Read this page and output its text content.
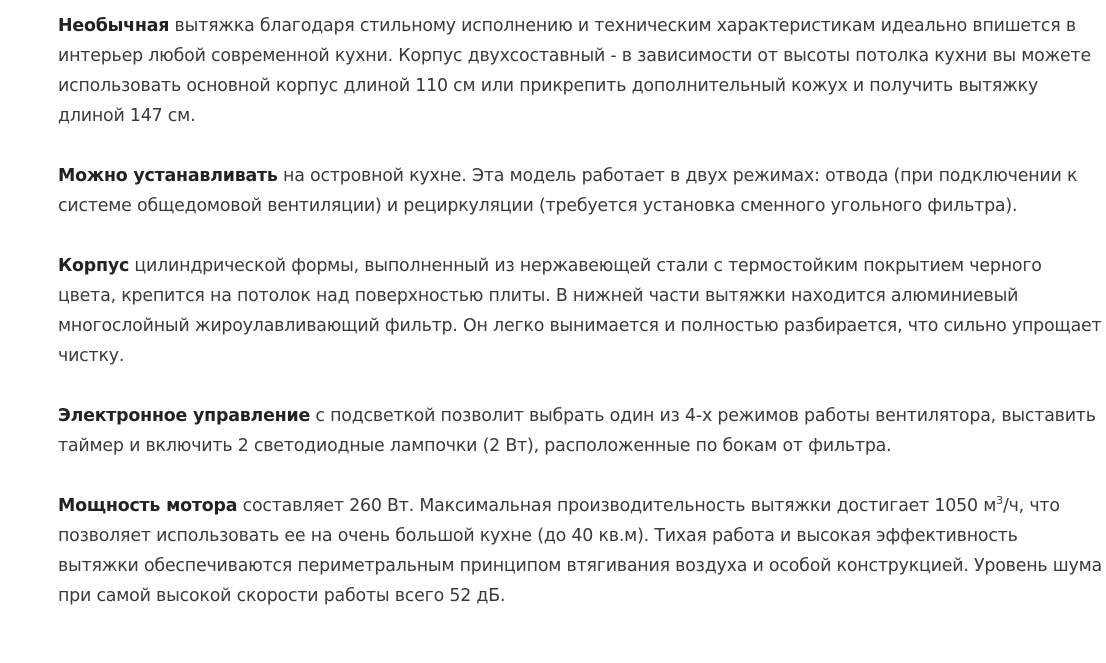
Необычная вытяжка благодаря стильному исполнению и техническим характеристикам идеально впишется в интерьер любой современной кухни. Корпус двухсоставный - в зависимости от высоты потолка кухни вы можете использовать основной корпус длиной 110 см или прикрепить дополнительный кожух и получить вытяжку длиной 147 см.

Можно устанавливать на островной кухне. Эта модель работает в двух режимах: отвода (при подключении к системе общедомовой вентиляции) и рециркуляции (требуется установка сменного угольного фильтра).

Корпус цилиндрической формы, выполненный из нержавеющей стали с термостойким покрытием черного цвета, крепится на потолок над поверхностью плиты. В нижней части вытяжки находится алюминиевый многослойный жироулавливающий фильтр. Он легко вынимается и полностью разбирается, что сильно упрощает чистку.

Электронное управление с подсветкой позволит выбрать один из 4-х режимов работы вентилятора, выставить таймер и включить 2 светодиодные лампочки (2 Вт), расположенные по бокам от фильтра.

Мощность мотора составляет 260 Вт. Максимальная производительность вытяжки достигает 1050 $м^3/ч$, что позволяет использовать ее на очень большой кухне (до 40 кв.м). Тихая работа и высокая эффективность вытяжки обеспечиваются периметральным принципом втягивания воздуха и особой конструкцией. Уровень шума при самой высокой скорости работы всего 52 дБ.
